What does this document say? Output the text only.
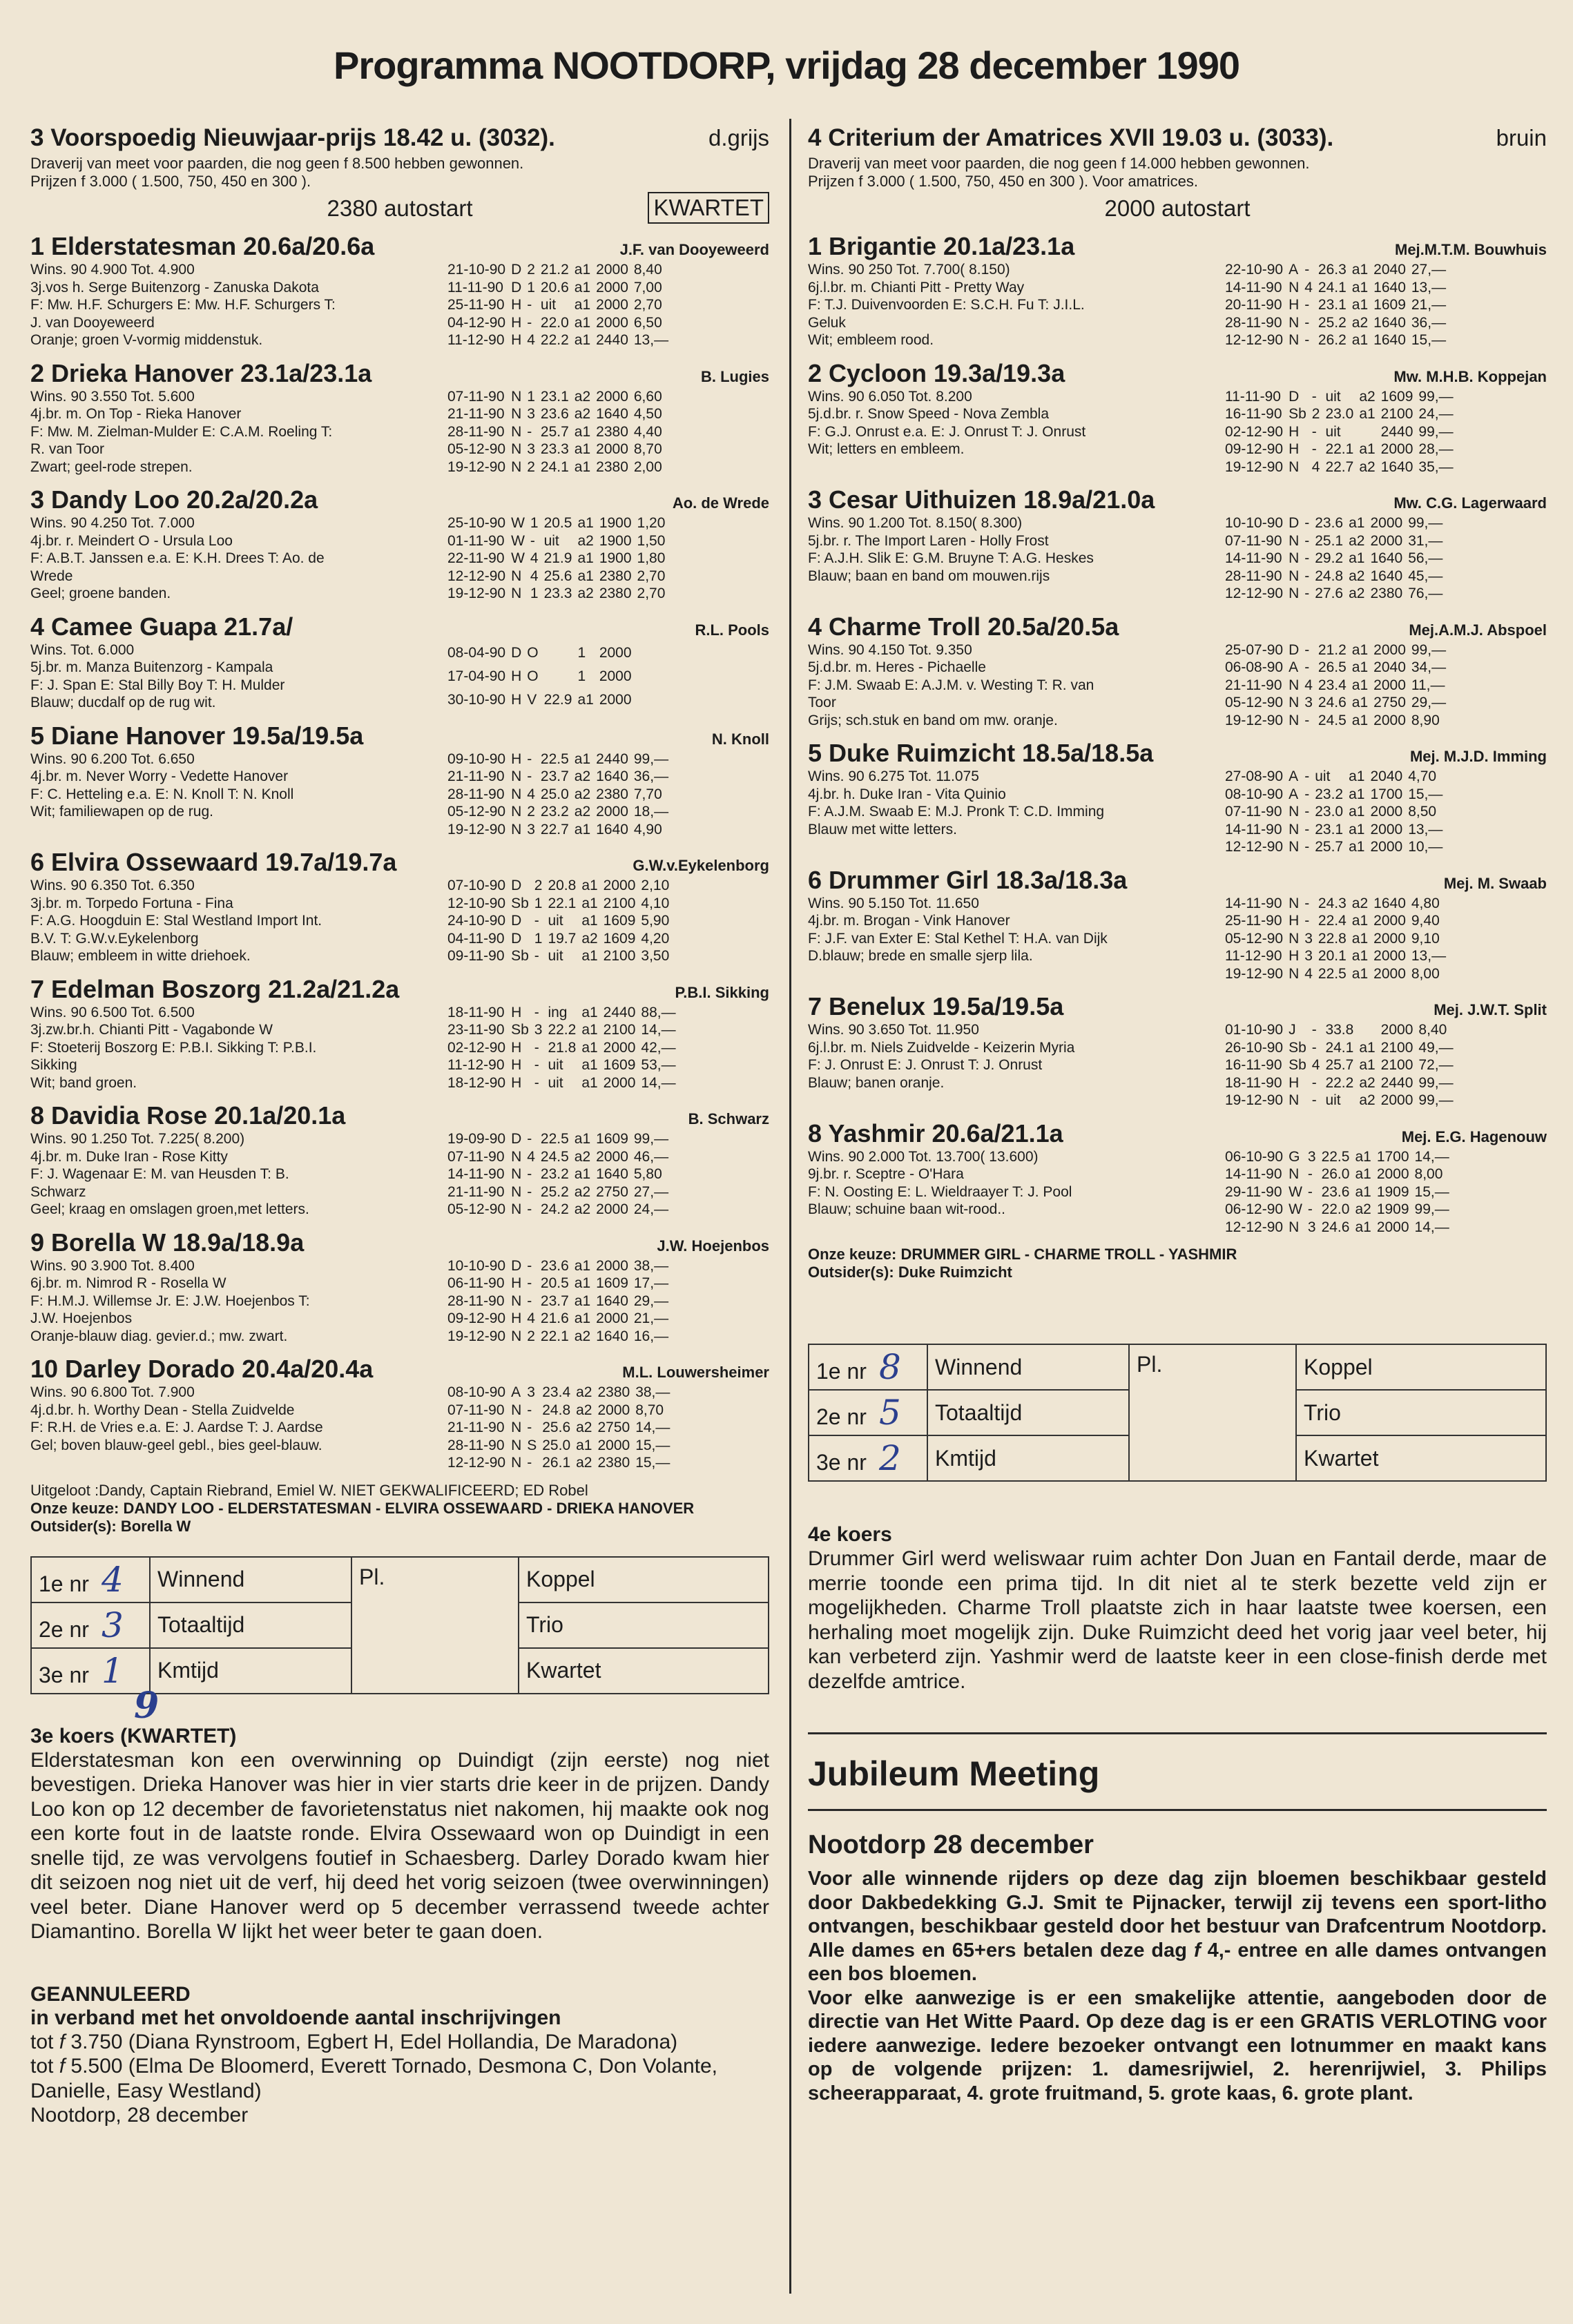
Programma NOOTDORP, vrijdag 28 december 1990
3 Voorspoedig Nieuwjaar-prijs 18.42 u. (3032).	d.grijs
Draverij van meet voor paarden, die nog geen f 8.500 hebben gewonnen.
Prijzen f 3.000 ( 1.500, 750, 450 en 300 ).
2380 autostart	KWARTET
1 Elderstatesman 20.6a/20.6a	J.F. van Dooyeweerd
Wins. 90 4.900 Tot. 4.900
3j.vos h. Serge Buitenzorg - Zanuska Dakota
F: Mw. H.F. Schurgers E: Mw. H.F. Schurgers T:
J. van Dooyeweerd
Oranje; groen V-vormig middenstuk.
21-10-90	D	2	21.2	a1	2000	8,40
11-11-90	D	1	20.6	a1	2000	7,00
25-11-90	H	-	uit	a1	2000	2,70
04-12-90	H	-	22.0	a1	2000	6,50
11-12-90	H	4	22.2	a1	2440	13,—
2 Drieka Hanover 23.1a/23.1a	B. Lugies
Wins. 90 3.550 Tot. 5.600
4j.br. m. On Top - Rieka Hanover
F: Mw. M. Zielman-Mulder E: C.A.M. Roeling T:
R. van Toor
Zwart; geel-rode strepen.
07-11-90	N	1	23.1	a2	2000	6,60
21-11-90	N	3	23.6	a2	1640	4,50
28-11-90	N	-	25.7	a1	2380	4,40
05-12-90	N	3	23.3	a1	2000	8,70
19-12-90	N	2	24.1	a1	2380	2,00
3 Dandy Loo 20.2a/20.2a	Ao. de Wrede
Wins. 90 4.250 Tot. 7.000
4j.br. r. Meindert O - Ursula Loo
F: A.B.T. Janssen e.a. E: K.H. Drees T: Ao. de
Wrede
Geel; groene banden.
25-10-90	W	1	20.5	a1	1900	1,20
01-11-90	W	-	uit	a2	1900	1,50
22-11-90	W	4	21.9	a1	1900	1,80
12-12-90	N	4	25.6	a1	2380	2,70
19-12-90	N	1	23.3	a2	2380	2,70
4 Camee Guapa 21.7a/	R.L. Pools
Wins. Tot. 6.000
5j.br. m. Manza Buitenzorg - Kampala
F: J. Span E: Stal Billy Boy T: H. Mulder
Blauw; ducdalf op de rug wit.
08-04-90	D	O		1	2000	
17-04-90	H	O		1	2000	
30-10-90	H	V	22.9	a1	2000	
5 Diane Hanover 19.5a/19.5a	N. Knoll
Wins. 90 6.200 Tot. 6.650
4j.br. m. Never Worry - Vedette Hanover
F: C. Hetteling e.a. E: N. Knoll T: N. Knoll
Wit; familiewapen op de rug.
09-10-90	H	-	22.5	a1	2440	99,—
21-11-90	N	-	23.7	a2	1640	36,—
28-11-90	N	4	25.0	a2	2380	7,70
05-12-90	N	2	23.2	a2	2000	18,—
19-12-90	N	3	22.7	a1	1640	4,90
6 Elvira Ossewaard 19.7a/19.7a	G.W.v.Eykelenborg
Wins. 90 6.350 Tot. 6.350
3j.br. m. Torpedo Fortuna - Fina
F: A.G. Hoogduin E: Stal Westland Import Int.
B.V. T: G.W.v.Eykelenborg
Blauw; embleem in witte driehoek.
07-10-90	D	2	20.8	a1	2000	2,10
12-10-90	Sb	1	22.1	a1	2100	4,10
24-10-90	D	-	uit	a1	1609	5,90
04-11-90	D	1	19.7	a2	1609	4,20
09-11-90	Sb	-	uit	a1	2100	3,50
7 Edelman Boszorg 21.2a/21.2a	P.B.I. Sikking
Wins. 90 6.500 Tot. 6.500
3j.zw.br.h. Chianti Pitt - Vagabonde W
F: Stoeterij Boszorg E: P.B.I. Sikking T: P.B.I.
Sikking
Wit; band groen.
18-11-90	H	-	ing	a1	2440	88,—
23-11-90	Sb	3	22.2	a1	2100	14,—
02-12-90	H	-	21.8	a1	2000	42,—
11-12-90	H	-	uit	a1	1609	53,—
18-12-90	H	-	uit	a1	2000	14,—
8 Davidia Rose 20.1a/20.1a	B. Schwarz
Wins. 90 1.250 Tot. 7.225( 8.200)
4j.br. m. Duke Iran - Rose Kitty
F: J. Wagenaar E: M. van Heusden T: B.
Schwarz
Geel; kraag en omslagen groen,met letters.
19-09-90	D	-	22.5	a1	1609	99,—
07-11-90	N	4	24.5	a2	2000	46,—
14-11-90	N	-	23.2	a1	1640	5,80
21-11-90	N	-	25.2	a2	2750	27,—
05-12-90	N	-	24.2	a2	2000	24,—
9 Borella W 18.9a/18.9a	J.W. Hoejenbos
Wins. 90 3.900 Tot. 8.400
6j.br. m. Nimrod R - Rosella W
F: H.M.J. Willemse Jr. E: J.W. Hoejenbos T:
J.W. Hoejenbos
Oranje-blauw diag. gevier.d.; mw. zwart.
10-10-90	D	-	23.6	a1	2000	38,—
06-11-90	H	-	20.5	a1	1609	17,—
28-11-90	N	-	23.7	a1	1640	29,—
09-12-90	H	4	21.6	a1	2000	21,—
19-12-90	N	2	22.1	a2	1640	16,—
10 Darley Dorado 20.4a/20.4a	M.L. Louwersheimer
Wins. 90 6.800 Tot. 7.900
4j.d.br. h. Worthy Dean - Stella Zuidvelde
F: R.H. de Vries e.a. E: J. Aardse T: J. Aardse
Gel; boven blauw-geel gebl., bies geel-blauw.
08-10-90	A	3	23.4	a2	2380	38,—
07-11-90	N	-	24.8	a2	2000	8,70
21-11-90	N	-	25.6	a2	2750	14,—
28-11-90	N	S	25.0	a1	2000	15,—
12-12-90	N	-	26.1	a2	2380	15,—
Uitgeloot :Dandy, Captain Riebrand, Emiel W. NIET GEKWALIFICEERD; ED Robel
Onze keuze: DANDY LOO - ELDERSTATESMAN - ELVIRA OSSEWAARD - DRIEKA HANOVER
Outsider(s): Borella W
1e nr 4	Winnend	Pl.	Koppel
2e nr 3	Totaaltijd		Trio
3e nr 1	Kmtijd		Kwartet
9
3e koers (KWARTET)
Elderstatesman kon een overwinning op Duindigt (zijn eerste) nog niet bevestigen. Drieka Hanover was hier in vier starts drie keer in de prijzen. Dandy Loo kon op 12 december de favorietenstatus niet nakomen, hij maakte ook nog een korte fout in de laatste ronde. Elvira Ossewaard won op Duindigt in een snelle tijd, ze was vervolgens foutief in Schaesberg. Darley Dorado kwam hier dit seizoen nog niet uit de verf, hij deed het vorig seizoen (twee overwinningen) veel beter. Diane Hanover werd op 5 december verrassend tweede achter Diamantino. Borella W lijkt het weer beter te gaan doen.
GEANNULEERD
in verband met het onvoldoende aantal inschrijvingen
tot f 3.750 (Diana Rynstroom, Egbert H, Edel Hollandia, De Maradona)
tot f 5.500 (Elma De Bloomerd, Everett Tornado, Desmona C, Don Volante, Danielle, Easy Westland)
Nootdorp, 28 december
4 Criterium der Amatrices XVII 19.03 u. (3033).	bruin
Draverij van meet voor paarden, die nog geen f 14.000 hebben gewonnen.
Prijzen f 3.000 ( 1.500, 750, 450 en 300 ). Voor amatrices.
2000 autostart
1 Brigantie 20.1a/23.1a	Mej.M.T.M. Bouwhuis
Wins. 90 250 Tot. 7.700( 8.150)
6j.l.br. m. Chianti Pitt - Pretty Way
F: T.J. Duivenvoorden E: S.C.H. Fu T: J.I.L.
Geluk
Wit; embleem rood.
22-10-90	A	-	26.3	a1	2040	27,—
14-11-90	N	4	24.1	a1	1640	13,—
20-11-90	H	-	23.1	a1	1609	21,—
28-11-90	N	-	25.2	a2	1640	36,—
12-12-90	N	-	26.2	a1	1640	15,—
2 Cycloon 19.3a/19.3a	Mw. M.H.B. Koppejan
Wins. 90 6.050 Tot. 8.200
5j.d.br. r. Snow Speed - Nova Zembla
F: G.J. Onrust e.a. E: J. Onrust T: J. Onrust
Wit; letters en embleem.
11-11-90	D	-	uit	a2	1609	99,—
16-11-90	Sb	2	23.0	a1	2100	24,—
02-12-90	H	-	uit		2440	99,—
09-12-90	H	-	22.1	a1	2000	28,—
19-12-90	N	4	22.7	a2	1640	35,—
3 Cesar Uithuizen 18.9a/21.0a	Mw. C.G. Lagerwaard
Wins. 90 1.200 Tot. 8.150( 8.300)
5j.br. r. The Import Laren - Holly Frost
F: A.J.H. Slik E: G.M. Bruyne T: A.G. Heskes
Blauw; baan en band om mouwen.rijs
10-10-90	D	-	23.6	a1	2000	99,—
07-11-90	N	-	25.1	a2	2000	31,—
14-11-90	N	-	29.2	a1	1640	56,—
28-11-90	N	-	24.8	a2	1640	45,—
12-12-90	N	-	27.6	a2	2380	76,—
4 Charme Troll 20.5a/20.5a	Mej.A.M.J. Abspoel
Wins. 90 4.150 Tot. 9.350
5j.d.br. m. Heres - Pichaelle
F: J.M. Swaab E: A.J.M. v. Westing T: R. van
Toor
Grijs; sch.stuk en band om mw. oranje.
25-07-90	D	-	21.2	a1	2000	99,—
06-08-90	A	-	26.5	a1	2040	34,—
21-11-90	N	4	23.4	a1	2000	11,—
05-12-90	N	3	24.6	a1	2750	29,—
19-12-90	N	-	24.5	a1	2000	8,90
5 Duke Ruimzicht 18.5a/18.5a	Mej. M.J.D. Imming
Wins. 90 6.275 Tot. 11.075
4j.br. h. Duke Iran - Vita Quinio
F: A.J.M. Swaab E: M.J. Pronk T: C.D. Imming
Blauw met witte letters.
27-08-90	A	-	uit	a1	2040	4,70
08-10-90	A	-	23.2	a1	1700	15,—
07-11-90	N	-	23.0	a1	2000	8,50
14-11-90	N	-	23.1	a1	2000	13,—
12-12-90	N	-	25.7	a1	2000	10,—
6 Drummer Girl 18.3a/18.3a	Mej. M. Swaab
Wins. 90 5.150 Tot. 11.650
4j.br. m. Brogan - Vink Hanover
F: J.F. van Exter E: Stal Kethel T: H.A. van Dijk
D.blauw; brede en smalle sjerp lila.
14-11-90	N	-	24.3	a2	1640	4,80
25-11-90	H	-	22.4	a1	2000	9,40
05-12-90	N	3	22.8	a1	2000	9,10
11-12-90	H	3	20.1	a1	2000	13,—
19-12-90	N	4	22.5	a1	2000	8,00
7 Benelux 19.5a/19.5a	Mej. J.W.T. Split
Wins. 90 3.650 Tot. 11.950
6j.l.br. m. Niels Zuidvelde - Keizerin Myria
F: J. Onrust E: J. Onrust T: J. Onrust
Blauw; banen oranje.
01-10-90	J	-	33.8		2000	8,40
26-10-90	Sb	-	24.1	a1	2100	49,—
16-11-90	Sb	4	25.7	a1	2100	72,—
18-11-90	H	-	22.2	a2	2440	99,—
19-12-90	N	-	uit	a2	2000	99,—
8 Yashmir 20.6a/21.1a	Mej. E.G. Hagenouw
Wins. 90 2.000 Tot. 13.700( 13.600)
9j.br. r. Sceptre - O'Hara
F: N. Oosting E: L. Wieldraayer T: J. Pool
Blauw; schuine baan wit-rood..
06-10-90	G	3	22.5	a1	1700	14,—
14-11-90	N	-	26.0	a1	2000	8,00
29-11-90	W	-	23.6	a1	1909	15,—
06-12-90	W	-	22.0	a2	1909	99,—
12-12-90	N	3	24.6	a1	2000	14,—
Onze keuze: DRUMMER GIRL - CHARME TROLL - YASHMIR
Outsider(s): Duke Ruimzicht
1e nr 8	Winnend	Pl.	Koppel
2e nr 5	Totaaltijd		Trio
3e nr 2	Kmtijd		Kwartet
4e koers
Drummer Girl werd weliswaar ruim achter Don Juan en Fantail derde, maar de merrie toonde een prima tijd. In dit niet al te sterk bezette veld zijn er mogelijkheden. Charme Troll plaatste zich in haar laatste twee koersen, een herhaling moet mogelijk zijn. Duke Ruimzicht deed het vorig jaar veel beter, hij kan verbeterd zijn. Yashmir werd de laatste keer in een close-finish derde met dezelfde amtrice.
Jubileum Meeting
Nootdorp 28 december
Voor alle winnende rijders op deze dag zijn bloemen beschikbaar gesteld door Dakbedekking G.J. Smit te Pijnacker, terwijl zij tevens een sport-litho ontvangen, beschikbaar gesteld door het bestuur van Drafcentrum Nootdorp. Alle dames en 65+ers betalen deze dag f 4,- entree en alle dames ontvangen een bos bloemen.
Voor elke aanwezige is er een smakelijke attentie, aangeboden door de directie van Het Witte Paard. Op deze dag is er een GRATIS VERLOTING voor iedere aanwezige. Iedere bezoeker ontvangt een lotnummer en maakt kans op de volgende prijzen: 1. damesrijwiel, 2. herenrijwiel, 3. Philips scheerapparaat, 4. grote fruitmand, 5. grote kaas, 6. grote plant.
